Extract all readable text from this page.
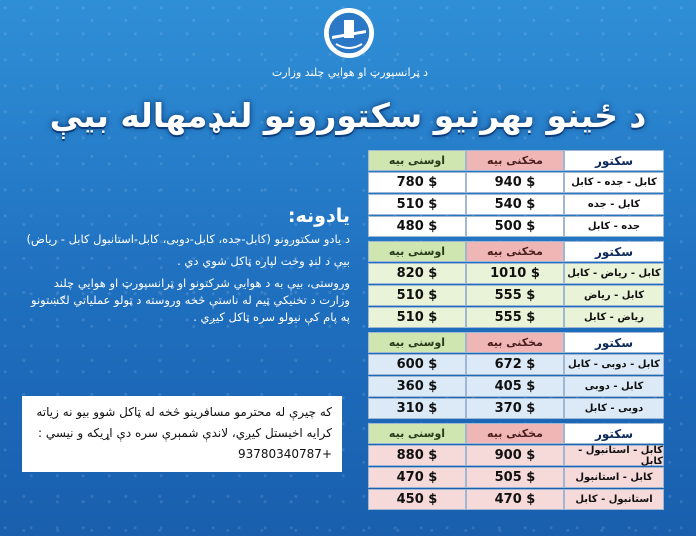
د ټرانسپورټ او هوايي چلند وزارت
د ځینو بهرنیو سکتورونو لنډمهاله بيې
يادونه:
د يادو سکتورونو (کابل-جده، کابل-دوبی، کابل-استانبول کابل - رياض)
بيې د لنډ وخت لپاره ټاکل شوي دي .
وروستی، بيې به د هوايي شرکتونو او ټرانسپورټ او هوايي چلند وزارت د تخنيکي ټيم له ناستې څخه وروسته د ټولو عملياتي لګښتونو په پام کې نيولو سره ټاکل کيږي .
که چیرې له محترمو مسافرینو څخه له ټاکل شوو بیو نه زیاته کرایه اخیستل کیږي، لاندې شمېرې سره دې اړیکه و نیسي : +93780340787
اوسنی بیه	مخکنی بیه	سکتور
780 $	940 $	کابل - جده - کابل
510 $	540 $	کابل - جده
480 $	500 $	جده - کابل
اوسنی بیه	مخکنی بیه	سکتور
820 $	1010 $	کابل - ریاض - کابل
510 $	555 $	کابل - ریاض
510 $	555 $	ریاض - کابل
اوسنی بیه	مخکنی بیه	سکتور
600 $	672 $	کابل - دوبی - کابل
360 $	405 $	کابل - دوبی
310 $	370 $	دوبی - کابل
اوسنی بیه	مخکنی بیه	سکتور
880 $	900 $	کابل - استانبول - کابل
470 $	505 $	کابل - استانبول
450 $	470 $	استانبول - کابل
